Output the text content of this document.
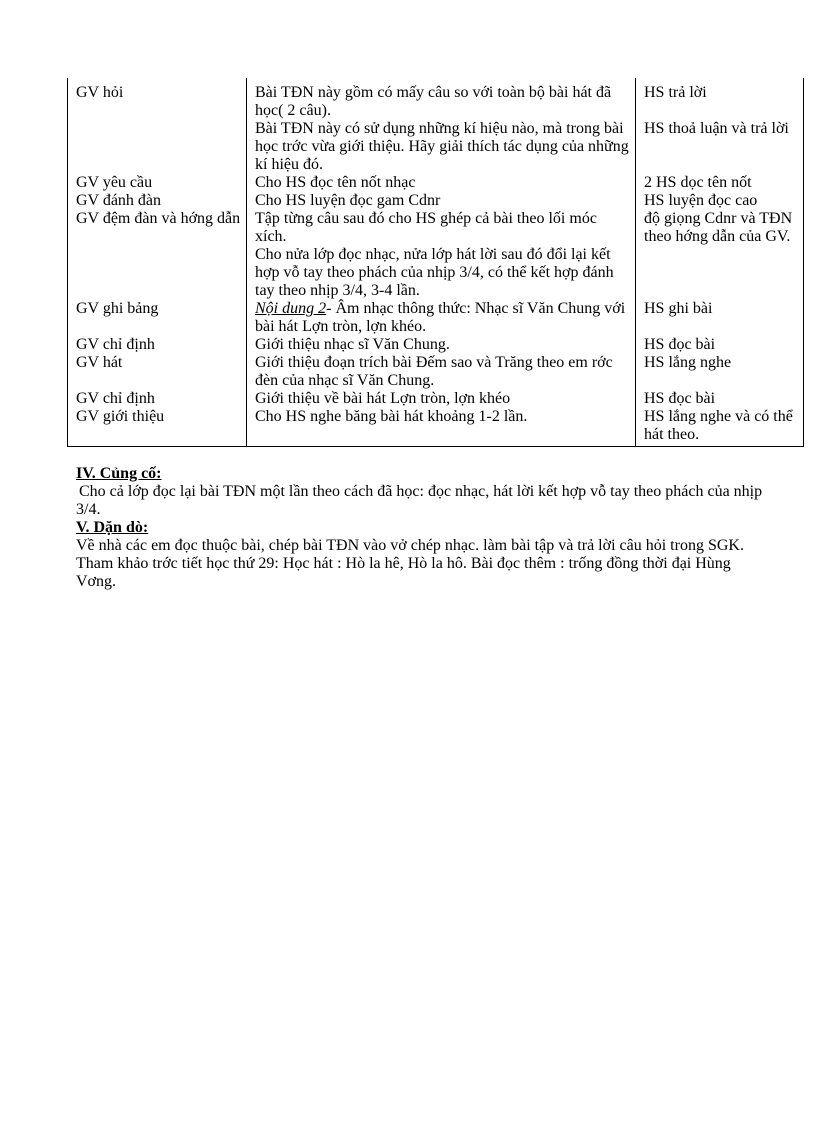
GV hỏi	Bài TĐN này gồm có mấy câu so với toàn bộ bài hát đã học( 2 câu).	HS trả lời
	Bài TĐN này có sử dụng những kí hiệu nào, mà trong bài học trớc vừa giới thiệu. Hãy giải thích tác dụng của những kí hiệu đó.	HS thoả luận và trả lời
GV yêu cầu	Cho HS đọc tên nốt nhạc	2 HS dọc tên nốt
GV đánh đàn	Cho HS luyện đọc gam Cdnr	HS luyện đọc cao
GV đệm đàn và hớng dẫn	Tập từng câu sau đó cho HS ghép cả bài theo lối móc xích.	độ giọng Cdnr và TĐN theo hớng dẫn của GV.
	Cho nửa lớp đọc nhạc, nửa lớp hát lời sau đó đổi lại kết hợp vỗ tay theo phách của nhịp 3/4, có thể kết hợp đánh tay theo nhịp 3/4, 3-4 lần.	
GV ghi bảng	Nội dung 2- Âm nhạc thông thức: Nhạc sĩ Văn Chung với bài hát Lợn tròn, lợn khéo.	HS ghi bài
GV chỉ định	Giới thiệu nhạc sĩ Văn Chung.	HS đọc bài
GV hát	Giới thiệu đoạn trích bài Đếm sao và Trăng theo em rớc đèn của nhạc sĩ Văn Chung.	HS lắng nghe
GV chỉ định	Giới thiệu về bài hát Lợn tròn, lợn khéo	HS đọc bài
GV giới thiệu	Cho HS nghe băng bài hát khoảng 1-2 lần.	HS lắng nghe và có thể hát theo.
IV. Củng cố:
Cho cả lớp đọc lại bài TĐN một lần theo cách đã học: đọc nhạc, hát lời kết hợp vỗ tay theo phách của nhịp 3/4.
V. Dặn dò:
Về nhà các em đọc thuộc bài, chép bài TĐN vào vở chép nhạc. làm bài tập và trả lời câu hỏi trong SGK. Tham khảo trớc tiết học thứ 29: Học hát : Hò la hê, Hò la hô. Bài đọc thêm : trống đồng thời đại Hùng Vơng.
